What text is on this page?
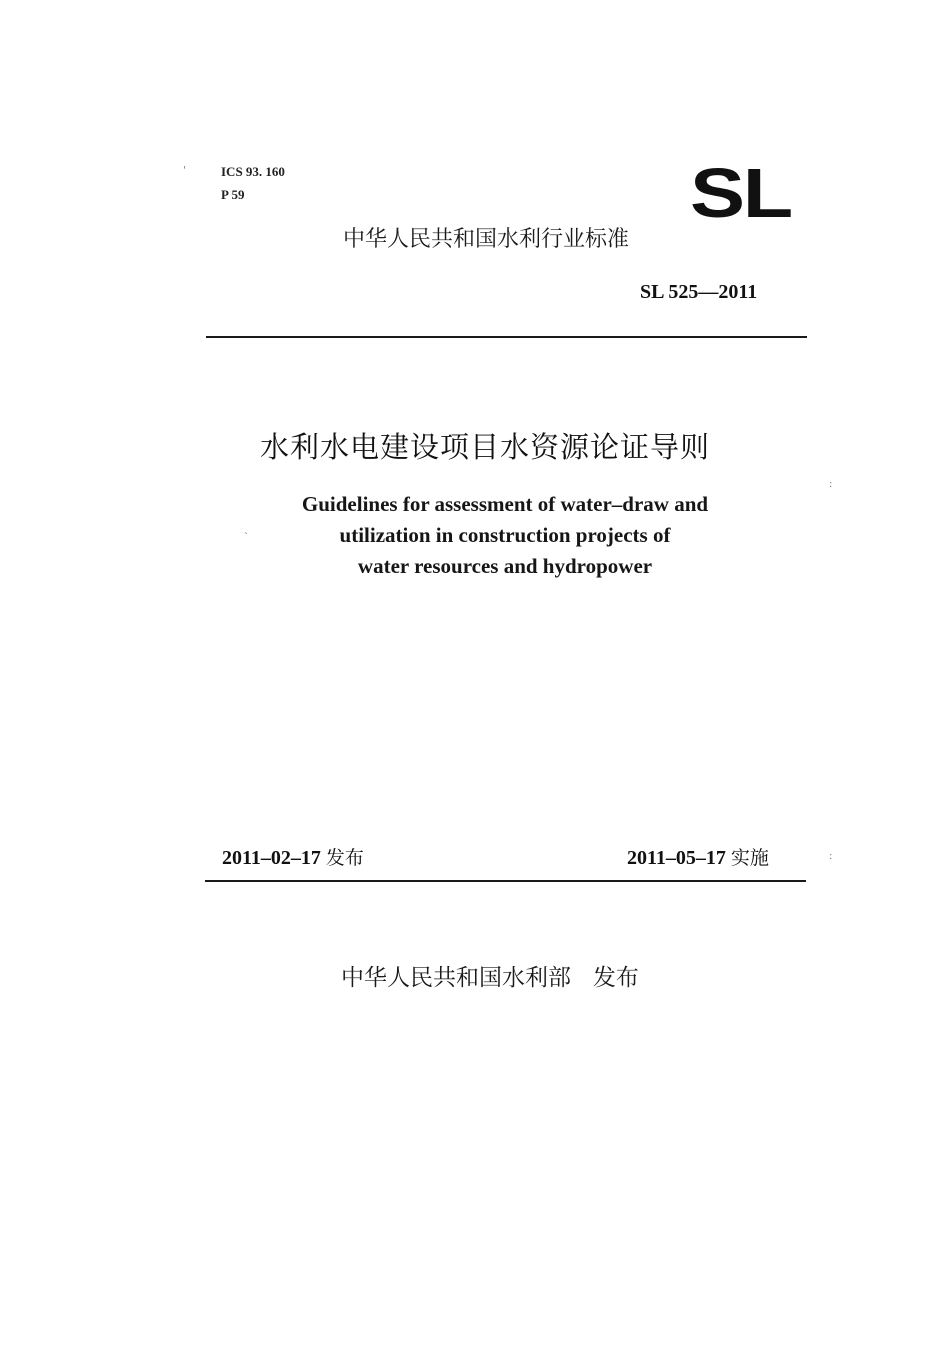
'	ICS 93. 160
P 59	SL
中华人民共和国水利行业标准
SL 525—2011
水利水电建设项目水资源论证导则
:
Guidelines for assessment of water–draw and
utilization in construction projects of
water resources and hydropower
`
2011–02–17 发布	2011–05–17 实施	:
中华人民共和国水利部   发布
